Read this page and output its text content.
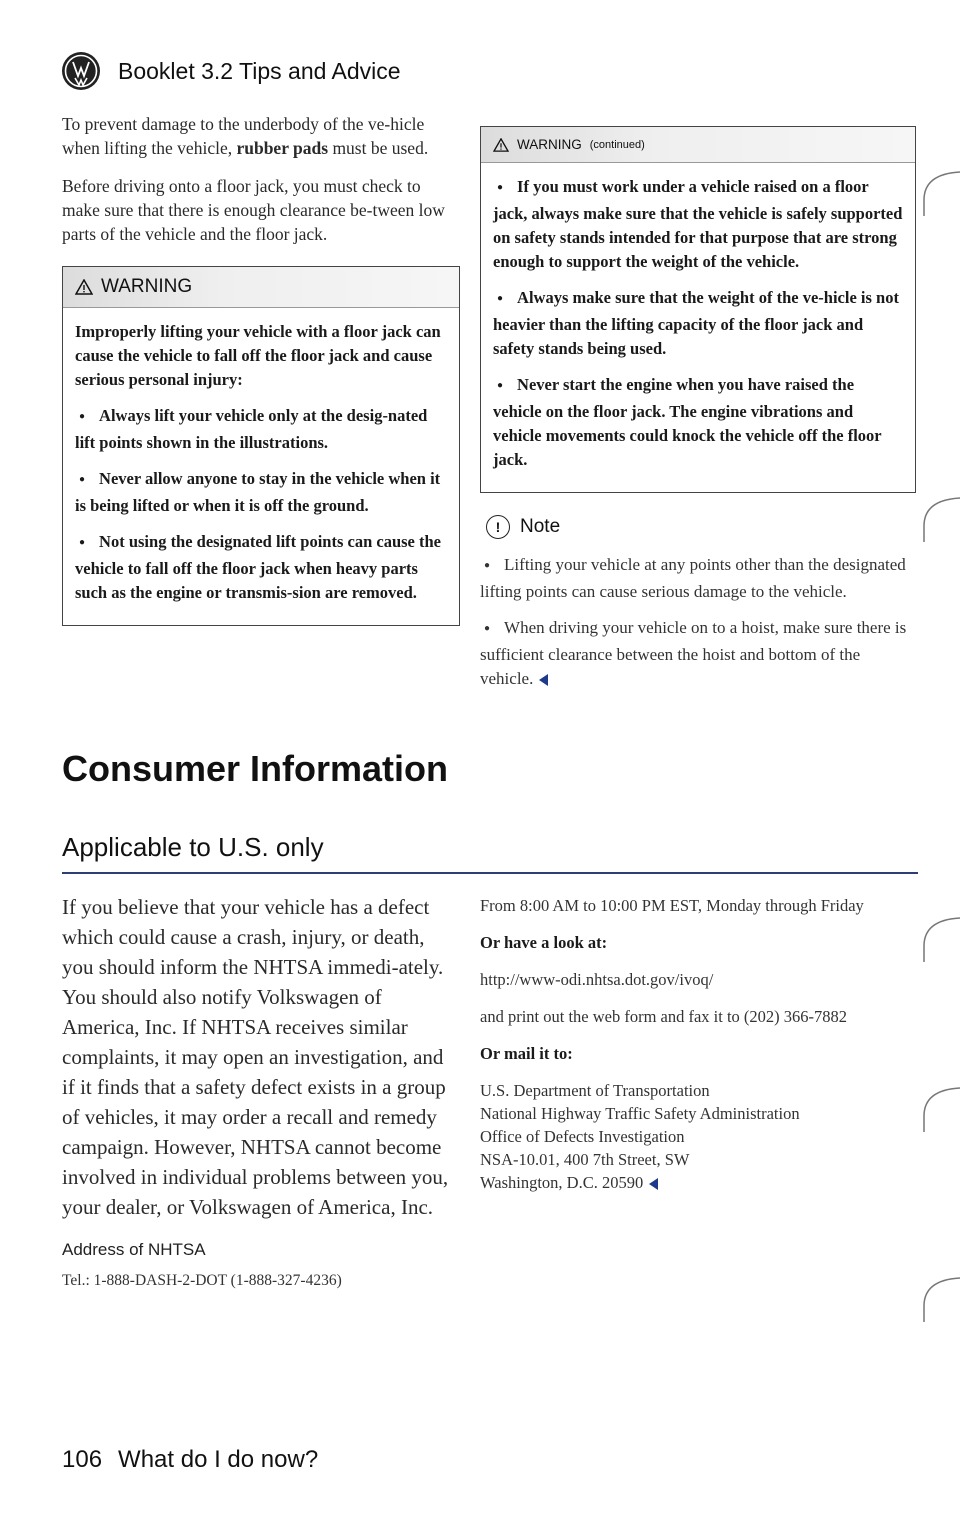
Booklet 3.2 Tips and Advice

To prevent damage to the underbody of the ve-hicle when lifting the vehicle, rubber pads must be used.

Before driving onto a floor jack, you must check to make sure that there is enough clearance be-tween low parts of the vehicle and the floor jack.

WARNING

Improperly lifting your vehicle with a floor jack can cause the vehicle to fall off the floor jack and cause serious personal injury:

● Always lift your vehicle only at the desig-nated lift points shown in the illustrations.

● Never allow anyone to stay in the vehicle when it is being lifted or when it is off the ground.

● Not using the designated lift points can cause the vehicle to fall off the floor jack when heavy parts such as the engine or transmis-sion are removed.

WARNING (continued)

● If you must work under a vehicle raised on a floor jack, always make sure that the vehicle is safely supported on safety stands intended for that purpose that are strong enough to support the weight of the vehicle.

● Always make sure that the weight of the ve-hicle is not heavier than the lifting capacity of the floor jack and safety stands being used.

● Never start the engine when you have raised the vehicle on the floor jack. The engine vibrations and vehicle movements could knock the vehicle off the floor jack.

!	Note

● Lifting your vehicle at any points other than the designated lifting points can cause serious damage to the vehicle.

● When driving your vehicle on to a hoist, make sure there is sufficient clearance between the hoist and bottom of the vehicle.

Consumer Information
Applicable to U.S. only

If you believe that your vehicle has a defect which could cause a crash, injury, or death, you should inform the NHTSA immedi-ately. You should also notify Volkswagen of America, Inc. If NHTSA receives similar complaints, it may open an investigation, and if it finds that a safety defect exists in a group of vehicles, it may order a recall and remedy campaign. However, NHTSA cannot become involved in individual problems between you, your dealer, or Volkswagen of America, Inc.

Address of NHTSA

Tel.: 1-888-DASH-2-DOT (1-888-327-4236)

From 8:00 AM to 10:00 PM EST, Monday through Friday

Or have a look at:

http://www-odi.nhtsa.dot.gov/ivoq/

and print out the web form and fax it to (202) 366-7882

Or mail it to:

U.S. Department of Transportation
National Highway Traffic Safety Administration
Office of Defects Investigation
NSA-10.01, 400 7th Street, SW
Washington, D.C. 20590
106 What do I do now?
